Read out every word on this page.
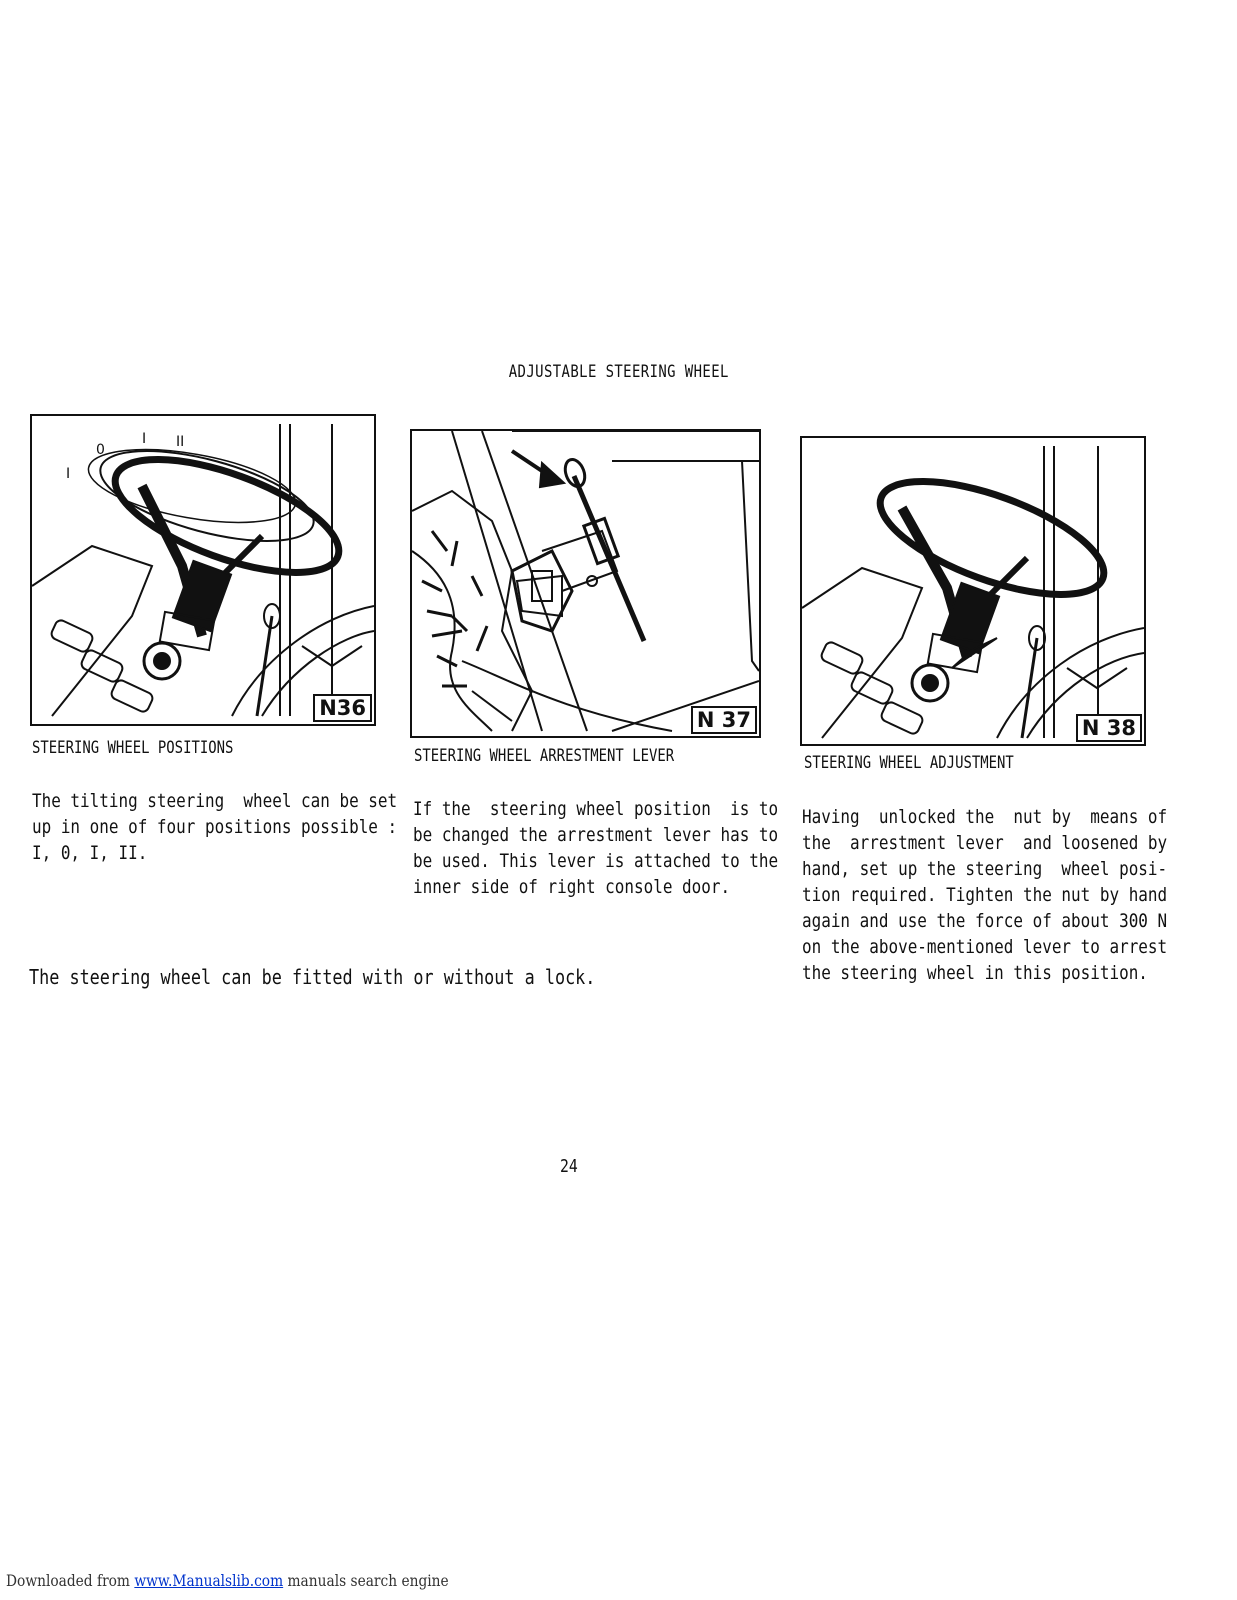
ADJUSTABLE STEERING WHEEL
I
0
I II
N36	N 37	N 38
STEERING WHEEL POSITIONS	STEERING WHEEL ARRESTMENT LEVER	STEERING WHEEL ADJUSTMENT
The tilting steering  wheel can be set
up in one of four positions possible :
I, 0, I, II.
If the  steering wheel position  is to
be changed the arrestment lever has to
be used. This lever is attached to the
inner side of right console door.
Having  unlocked the  nut by  means of
the  arrestment lever  and loosened by
hand, set up the steering  wheel posi-
tion required. Tighten the nut by hand
again and use the force of about 300 N
on the above-mentioned lever to arrest
the steering wheel in this position.
The steering wheel can be fitted with or without a lock.
24
Downloaded from www.Manualslib.com manuals search engine
